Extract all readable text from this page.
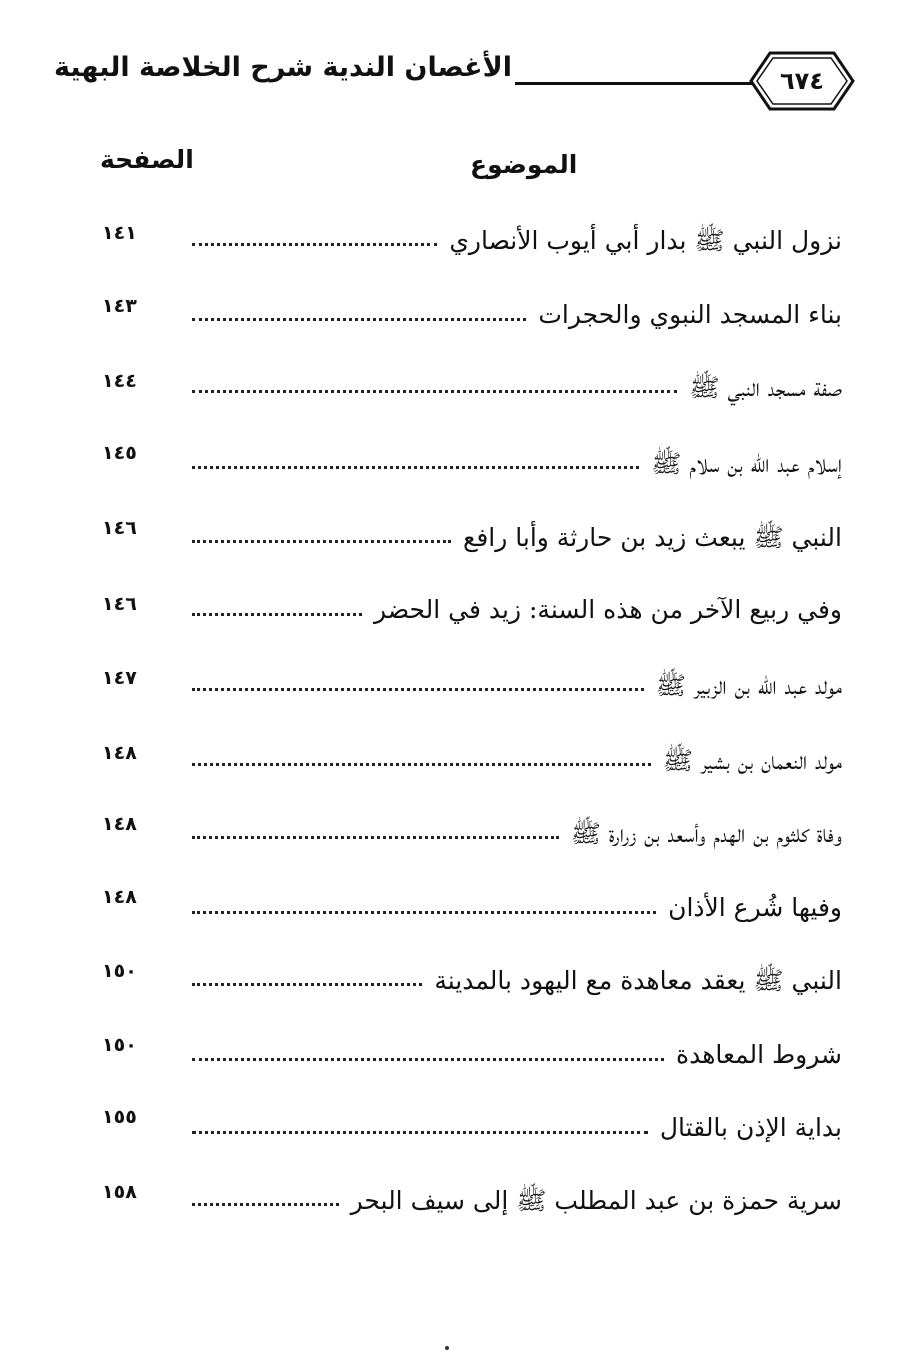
الأغصان الندية شرح الخلاصة البهية	٦٧٤
الموضوع
الصفحة
نزول النبي ﷺ بدار أبي أيوب الأنصاري
١٤١
بناء المسجد النبوي والحجرات
١٤٣
صفة مسجد النبي ﷺ
١٤٤
إسلام عبد الله بن سلام ﷺ
١٤٥
النبي ﷺ يبعث زيد بن حارثة وأبا رافع
١٤٦
وفي ربيع الآخر من هذه السنة: زيد في الحضر
١٤٦
مولد عبد الله بن الزبير ﷺ
١٤٧
مولد النعمان بن بشير ﷺ
١٤٨
وفاة كلثوم بن الهدم وأسعد بن زرارة ﷺ
١٤٨
وفيها شُرع الأذان
١٤٨
النبي ﷺ يعقد معاهدة مع اليهود بالمدينة
١٥٠
شروط المعاهدة
١٥٠
بداية الإذن بالقتال
١٥٥
سرية حمزة بن عبد المطلب ﷺ إلى سيف البحر
١٥٨
